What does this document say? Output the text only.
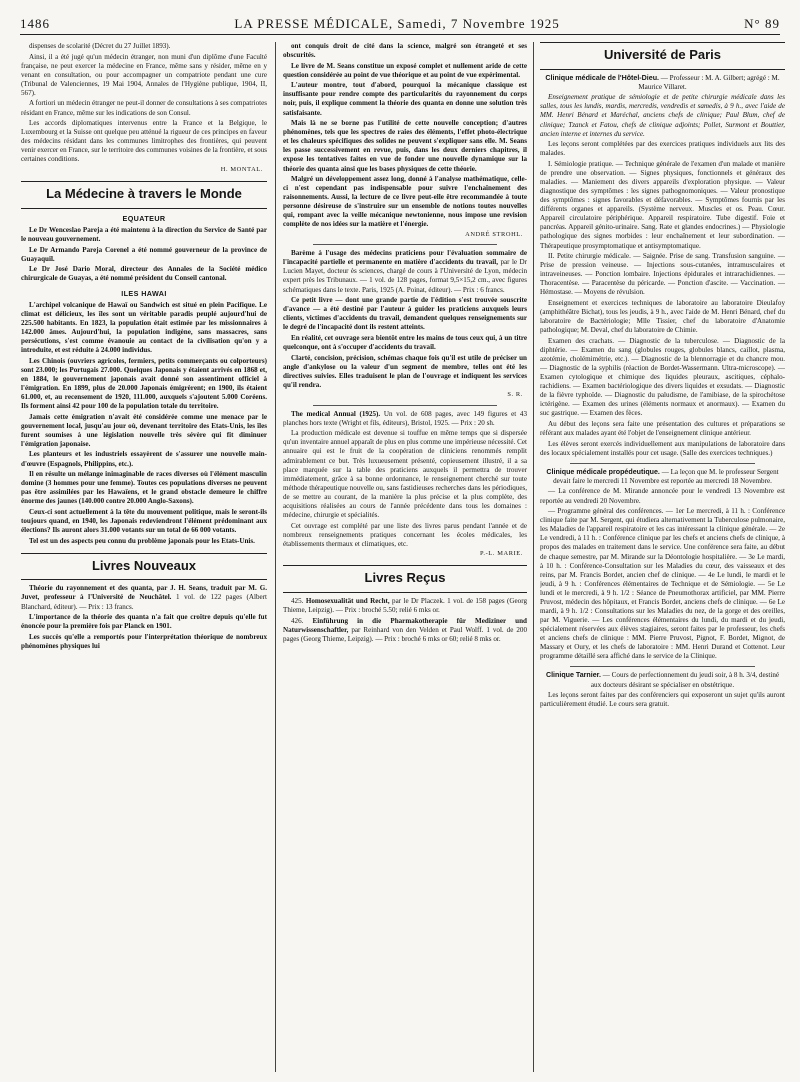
1486	LA PRESSE MÉDICALE, Samedi, 7 Novembre 1925	N° 89

dispenses de scolarité (Décret du 27 Juillet 1893).

Ainsi, il a été jugé qu'un médecin étranger, non muni d'un diplôme d'une Faculté française, ne peut exercer la médecine en France, même sans y résider, même en y venant en consultation, ou pour accompagner un compatriote pendant une cure (Tribunal de Valenciennes, 19 Mai 1904, Annales de l'Hygiène publique, 1904, II, 567).

A fortiori un médecin étranger ne peut-il donner de consultations à ses compatriotes résidant en France, même sur les indications de son Consul.

Les accords diplomatiques intervenus entre la France et la Belgique, le Luxembourg et la Suisse ont quelque peu atténué la rigueur de ces principes en faveur des médecins résidant dans les communes limitrophes des frontières, qui peuvent venir exercer en France, sur le territoire des communes voisines de la frontière, et sous certaines conditions.

H. MONTAL.
La Médecine à travers le Monde
EQUATEUR

Le Dr Wenceslao Pareja a été maintenu à la direction du Service de Santé par le nouveau gouvernement.

Le Dr Armando Pareja Corenel a été nommé gouverneur de la province de Guayaquil.

Le Dr José Dario Moral, directeur des Annales de la Société médico chirurgicale de Guayas, a été nommé président du Conseil cantonal.

ILES HAWAI

L'archipel volcanique de Hawaï ou Sandwich est situé en plein Pacifique. Le climat est délicieux, les îles sont un véritable paradis peuplé aujourd'hui de 225.500 habitants. En 1823, la population était estimée par les missionnaires à 142.000 âmes. Aujourd'hui, la population indigène, sans massacres, sans persécutions, s'est comme évanouie au contact de la civilisation qu'on y a introduite, et est réduite à 24.000 individus.

Les Chinois (ouvriers agricoles, fermiers, petits commerçants ou colporteurs) sont 23.000; les Portugais 27.000. Quelques Japonais y étaient arrivés en 1868 et, en 1884, le gouvernement japonais avait donné son assentiment officiel à l'émigration. En 1899, plus de 20.000 Japonais émigrèrent; en 1900, ils étaient 61.000, et, au recensement de 1920, 111.000, auxquels s'ajoutent 5.000 Coréens. Ils forment ainsi 42 pour 100 de la population totale du territoire.

Jamais cette émigration n'avait été considérée comme une menace par le gouvernement local, jusqu'au jour où, devenant territoire des Etats-Unis, les îles furent soumises à une législation nouvelle très sévère qui fit diminuer l'émigration japonaise.

Les planteurs et les industriels essayèrent de s'assurer une nouvelle main-d'œuvre (Espagnols, Philippins, etc.).

Il en résulte un mélange inimaginable de races diverses où l'élément masculin domine (3 hommes pour une femme). Toutes ces populations diverses ne peuvent pas être assimilées par les Hawaïens, et le grand obstacle demeure le chiffre énorme des jaunes (140.000 contre 20.000 Anglo-Saxons).

Ceux-ci sont actuellement à la tête du mouvement politique, mais le seront-ils toujours quand, en 1940, les Japonais redeviendront l'élément prédominant aux élections? Ils auront alors 31.000 votants sur un total de 66 000 votants.

Tel est un des aspects peu connu du problème japonais pour les Etats-Unis.

Livres Nouveaux

Théorie du rayonnement et des quanta, par J. H. Seans, traduit par M. G. Juvet, professeur à l'Université de Neuchâtel. 1 vol. de 122 pages (Albert Blanchard, éditeur). — Prix : 13 francs.

L'importance de la théorie des quanta n'a fait que croître depuis qu'elle fut énoncée pour la première fois par Planck en 1901.

Les succès qu'elle a remportés pour l'interprétation théorique de nombreux phénomènes physiques lui

ont conquis droit de cité dans la science, malgré son étrangeté et ses obscurités.

Le livre de M. Seans constitue un exposé complet et nullement aride de cette question considérée au point de vue théorique et au point de vue expérimental.

L'auteur montre, tout d'abord, pourquoi la mécanique classique est insuffisante pour rendre compte des particularités du rayonnement du corps noir, puis, il explique comment la théorie des quanta en donne une solution très satisfaisante.

Mais là ne se borne pas l'utilité de cette nouvelle conception; d'autres phénomènes, tels que les spectres de raies des éléments, l'effet photo-électrique et les chaleurs spécifiques des solides ne peuvent s'expliquer sans elle. M. Seans les passe successivement en revue, puis, dans les deux derniers chapitres, il expose les tentatives faites en vue de fonder une nouvelle dynamique sur la théorie des quanta ainsi que les bases physiques de cette théorie.

Malgré un développement assez long, donné à l'analyse mathématique, celle-ci n'est cependant pas indispensable pour suivre l'enchaînement des raisonnements. Aussi, la lecture de ce livre peut-elle être recommandée à toute personne désireuse de s'instruire sur un ensemble de notions toutes nouvelles qui, rompant avec la veille mécanique newtonienne, nous impose une revision complète de nos idées sur la matière et l'énergie.

ANDRÉ STROHL.

Barème à l'usage des médecins praticiens pour l'évaluation sommaire de l'incapacité partielle et permanente en matière d'accidents du travail, par le Dr Lucien Mayet, docteur ès sciences, chargé de cours à l'Université de Lyon, médecin expert près les Tribunaux. — 1 vol. de 128 pages, format 9,5×15,2 cm., avec figures schématiques dans le texte. Paris, 1925 (A. Poinat, éditeur). — Prix : 6 francs.

Ce petit livre — dont une grande partie de l'édition s'est trouvée souscrite d'avance — a été destiné par l'auteur à guider les praticiens auxquels leurs clients, victimes d'accidents du travail, demandent quelques renseignements sur le degré de l'incapacité dont ils restent atteints.

En réalité, cet ouvrage sera bientôt entre les mains de tous ceux qui, à un titre quelconque, ont à s'occuper d'accidents du travail.

Clarté, concision, précision, schémas chaque fois qu'il est utile de préciser un angle d'ankylose ou la valeur d'un segment de membre, telles ont été les directives suivies. Elles traduisent le plan de l'ouvrage et indiquent les services qu'il rendra.

S. R.

The medical Annual (1925). Un vol. de 608 pages, avec 149 figures et 43 planches hors texte (Wright et fils, éditeurs), Bristol, 1925. — Prix : 20 sh.

La production médicale est devenue si touffue en même temps que si dispersée qu'un inventaire annuel apparaît de plus en plus comme une impérieuse nécessité. Cet annuaire qui est le fruit de la coopération de cliniciens renommés remplit admirablement ce but. Très luxueusement présenté, copieusement illustré, il a sa place marquée sur la table des praticiens auxquels il permettra de trouver immédiatement, grâce à sa bonne ordonnance, le renseignement cherché sur toute méthode thérapeutique nouvelle ou, sans fastidieuses recherches dans les périodiques, de se mettre au courant, de la manière la plus précise et la plus complète, des acquisitions réalisées au cours de l'année précédente dans tous les domaines : médecine, chirurgie et spécialités.

Cet ouvrage est complété par une liste des livres parus pendant l'année et de nombreux renseignements pratiques concernant les écoles médicales, les établissements thermaux et climatiques, etc.

P.-L. MARIE.
Livres Reçus

425. Homosexualität und Recht, par le Dr Placzek. 1 vol. de 158 pages (Georg Thieme, Leipzig). — Prix : broché 5.50; relié 6 mks or.

426. Einführung in die Pharmakotherapie für Mediziner und Naturwissenschaftler, par Reinhard von den Velden et Paul Wolff. 1 vol. de 200 pages (Georg Thieme, Leipzig). — Prix : broché 6 mks or 60; relié 8 mks or.

Université de Paris

Clinique médicale de l'Hôtel-Dieu. — Professeur : M. A. Gilbert; agrégé : M. Maurice Villaret.

Enseignement pratique de sémiologie et de petite chirurgie médicale dans les salles, tous les lundis, mardis, mercredis, vendredis et samedis, à 9 h., avec l'aide de MM. Henri Bénard et Maréchal, anciens chefs de clinique; Paul Blum, chef de clinique; Tzanck et Fatou, chefs de clinique adjoints; Pollet, Surmont et Bouttier, ancien interne et internes du service.

Les leçons seront complétées par des exercices pratiques individuels aux lits des malades.

I. Sémiologie pratique. — Technique générale de l'examen d'un malade et manière de prendre une observation. — Signes physiques, fonctionnels et généraux des maladies. — Maniement des divers appareils d'exploration physique. — Valeur diagnostique des symptômes : les signes pathognomoniques. — Valeur pronostique des symptômes : signes favorables et défavorables. — Symptômes fournis par les différents organes et appareils. (Système nerveux. Muscles et os. Peau. Cœur. Appareil circulatoire périphérique. Appareil respiratoire. Tube digestif. Foie et pancréas. Appareil génito-urinaire. Sang. Rate et glandes endocrines.) — Physiologie pathologique des signes morbides : leur enchaînement et leur subordination. — Thérapeutique prosymptomatique et antisymptomatique.

II. Petite chirurgie médicale. — Saignée. Prise de sang. Transfusion sanguine. — Prise de pression veineuse. — Injections sous-cutanées, intramusculaires et intraveineuses. — Ponction lombaire. Injections épidurales et intrarachidiennes. — Thoracentèse. — Paracentèse du péricarde. — Ponction d'ascite. — Vaccination. — Hémostase. — Moyens de révulsion.

Enseignement et exercices techniques de laboratoire au laboratoire Dieulafoy (amphithéâtre Bichat), tous les jeudis, à 9 h., avec l'aide de M. Henri Bénard, chef du laboratoire de Bactériologie; Mlle Tissier, chef du laboratoire d'Anatomie pathologique; M. Deval, chef du laboratoire de Chimie.

Examen des crachats. — Diagnostic de la tuberculose. — Diagnostic de la diphtérie. — Examen du sang (globules rouges, globules blancs, caillot, plasma, azotémie, cholémimétrie, etc.). — Diagnostic de la blennorragie et du chancre mou. — Diagnostic de la syphilis (réaction de Bordet-Wassermann. Ultra-microscope). — Examen cytologique et chimique des liquides pleuraux, ascitiques, céphalo-rachidiens. — Examen bactériologique des divers liquides et exsudats. — Diagnostic de la fièvre typhoïde. — Diagnostic du paludisme, de l'amibiase, de la spirochétose ictérigène. — Examen des urines (éléments normaux et anormaux). — Examen du suc gastrique. — Examen des fèces.

Au début des leçons sera faite une présentation des cultures et préparations se référant aux malades ayant été l'objet de l'enseignement clinique antérieur.

Les élèves seront exercés individuellement aux manipulations de laboratoire dans des locaux spécialement installés pour cet usage. (Salle des exercices techniques.)

Clinique médicale propédeutique. — La leçon que M. le professeur Sergent devait faire le mercredi 11 Novembre est reportée au mercredi 18 Novembre.

— La conférence de M. Mirande annoncée pour le vendredi 13 Novembre est reportée au vendredi 20 Novembre.

— Programme général des conférences. — 1er Le mercredi, à 11 h. : Conférence clinique faite par M. Sergent, qui étudiera alternativement la Tuberculose pulmonaire, les Maladies de l'appareil respiratoire et les cas intéressant la clinique générale. — 2e Le vendredi, à 11 h. : Conférence clinique par les chefs et anciens chefs de clinique, à propos des malades en traitement dans le service. Une conférence sera faite, au début de chaque semestre, par M. Mirande sur la Déontologie hospitalière. — 3e Le mardi, à 10 h. : Conférence-Consultation sur les Maladies du cœur, des vaisseaux et des reins, par M. Francis Bordet, ancien chef de clinique. — 4e Le lundi, le mardi et le jeudi, à 9 h. : Conférences élémentaires de Technique et de Sémiologie. — 5e Le lundi et le mercredi, à 9 h. 1/2 : Séance de Pneumothorax artificiel, par MM. Pierre Pruvost, médecin des hôpitaux, et Francis Bordet, anciens chefs de clinique. — 6e Le mardi, à 9 h. 1/2 : Consultations sur les Maladies du nez, de la gorge et des oreilles, par M. Viguerie. — Les conférences élémentaires du lundi, du mardi et du jeudi, spécialement réservées aux élèves stagiaires, seront faites par le professeur, les chefs et anciens chefs de clinique : MM. Pierre Pruvost, Pignot, F. Bordet, Mignot, de Massary et Oury, et les chefs de laboratoire : MM. Henri Durand et Cottenot. Leur programme détaillé sera affiché dans le service de la Clinique.

Clinique Tarnier. — Cours de perfectionnement du jeudi soir, à 8 h. 3/4, destiné aux docteurs désirant se spécialiser en obstétrique.

Les leçons seront faites par des conférenciers qui exposeront un sujet qu'ils auront particulièrement étudié. Le cours sera gratuit.
